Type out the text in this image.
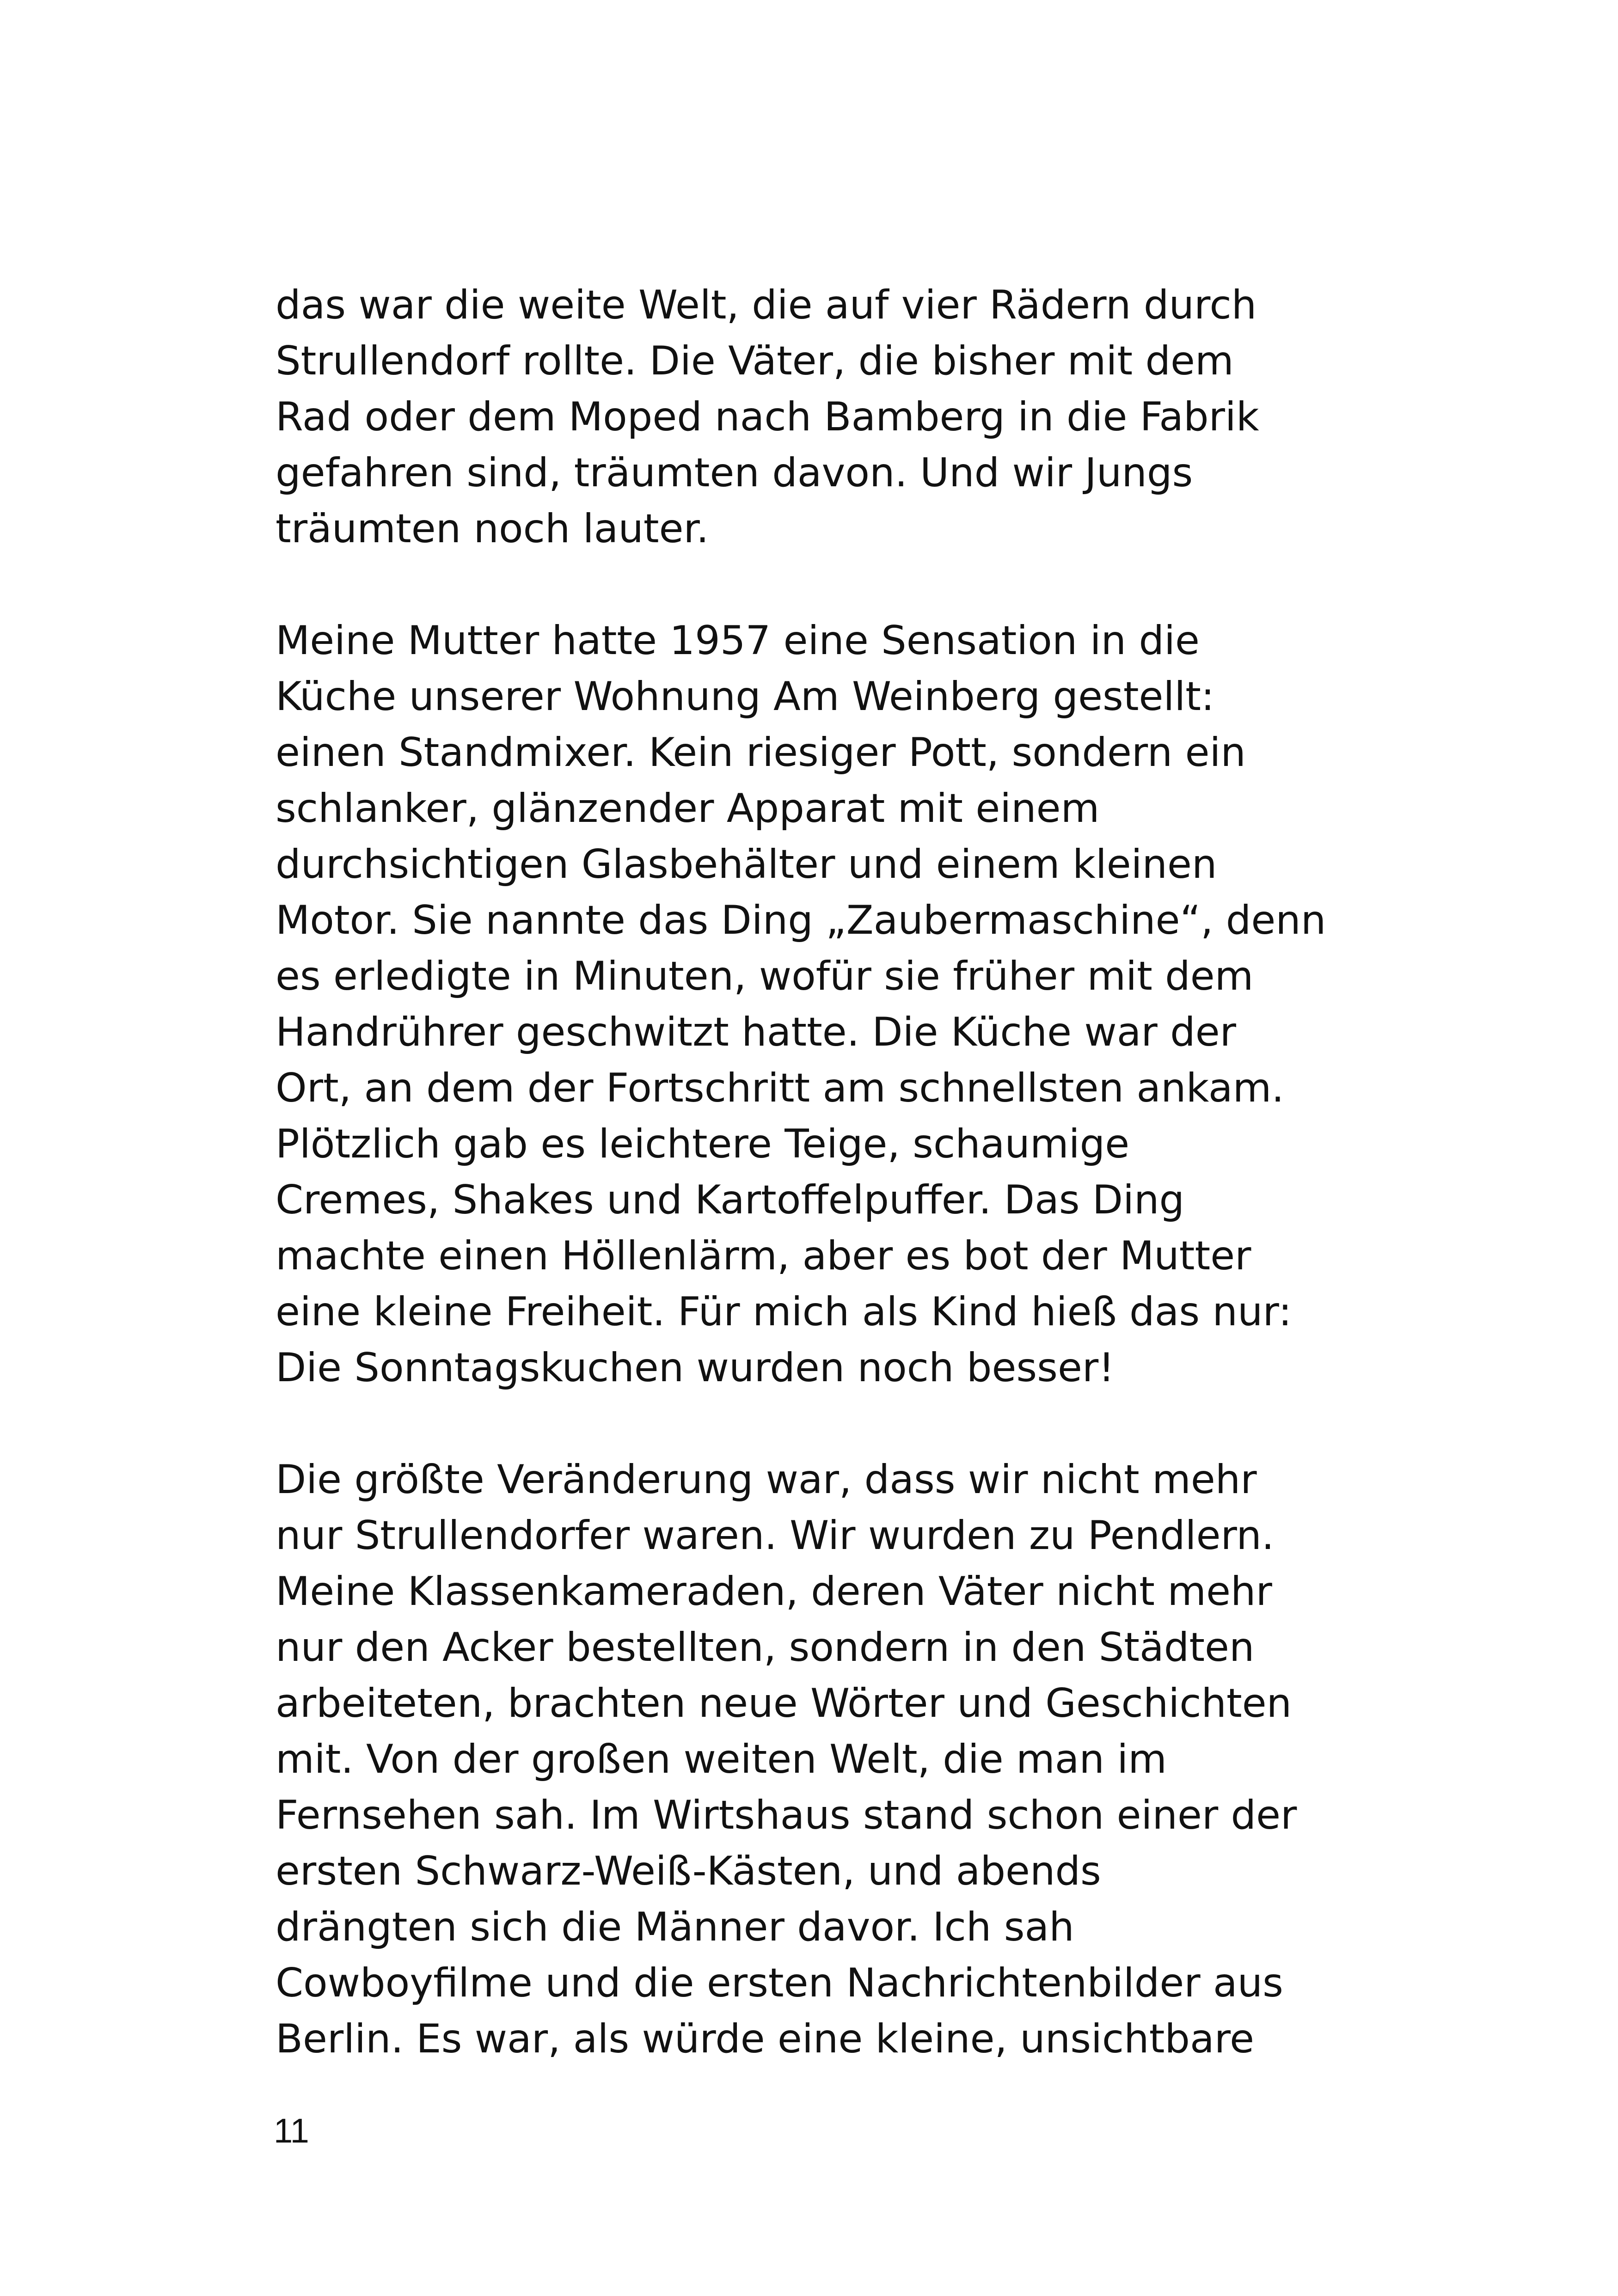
das war die weite Welt, die auf vier Rädern durch
Strullendorf rollte. Die Väter, die bisher mit dem
Rad oder dem Moped nach Bamberg in die Fabrik
gefahren sind, träumten davon. Und wir Jungs
träumten noch lauter.

Meine Mutter hatte 1957 eine Sensation in die
Küche unserer Wohnung Am Weinberg gestellt:
einen Standmixer. Kein riesiger Pott, sondern ein
schlanker, glänzender Apparat mit einem
durchsichtigen Glasbehälter und einem kleinen
Motor. Sie nannte das Ding „Zaubermaschine“, denn
es erledigte in Minuten, wofür sie früher mit dem
Handrührer geschwitzt hatte. Die Küche war der
Ort, an dem der Fortschritt am schnellsten ankam.
Plötzlich gab es leichtere Teige, schaumige
Cremes, Shakes und Kartoffelpuffer. Das Ding
machte einen Höllenlärm, aber es bot der Mutter
eine kleine Freiheit. Für mich als Kind hieß das nur:
Die Sonntagskuchen wurden noch besser!

Die größte Veränderung war, dass wir nicht mehr
nur Strullendorfer waren. Wir wurden zu Pendlern.
Meine Klassenkameraden, deren Väter nicht mehr
nur den Acker bestellten, sondern in den Städten
arbeiteten, brachten neue Wörter und Geschichten
mit. Von der großen weiten Welt, die man im
Fernsehen sah. Im Wirtshaus stand schon einer der
ersten Schwarz-Weiß-Kästen, und abends
drängten sich die Männer davor. Ich sah
Cowboyfilme und die ersten Nachrichtenbilder aus
Berlin. Es war, als würde eine kleine, unsichtbare

11
